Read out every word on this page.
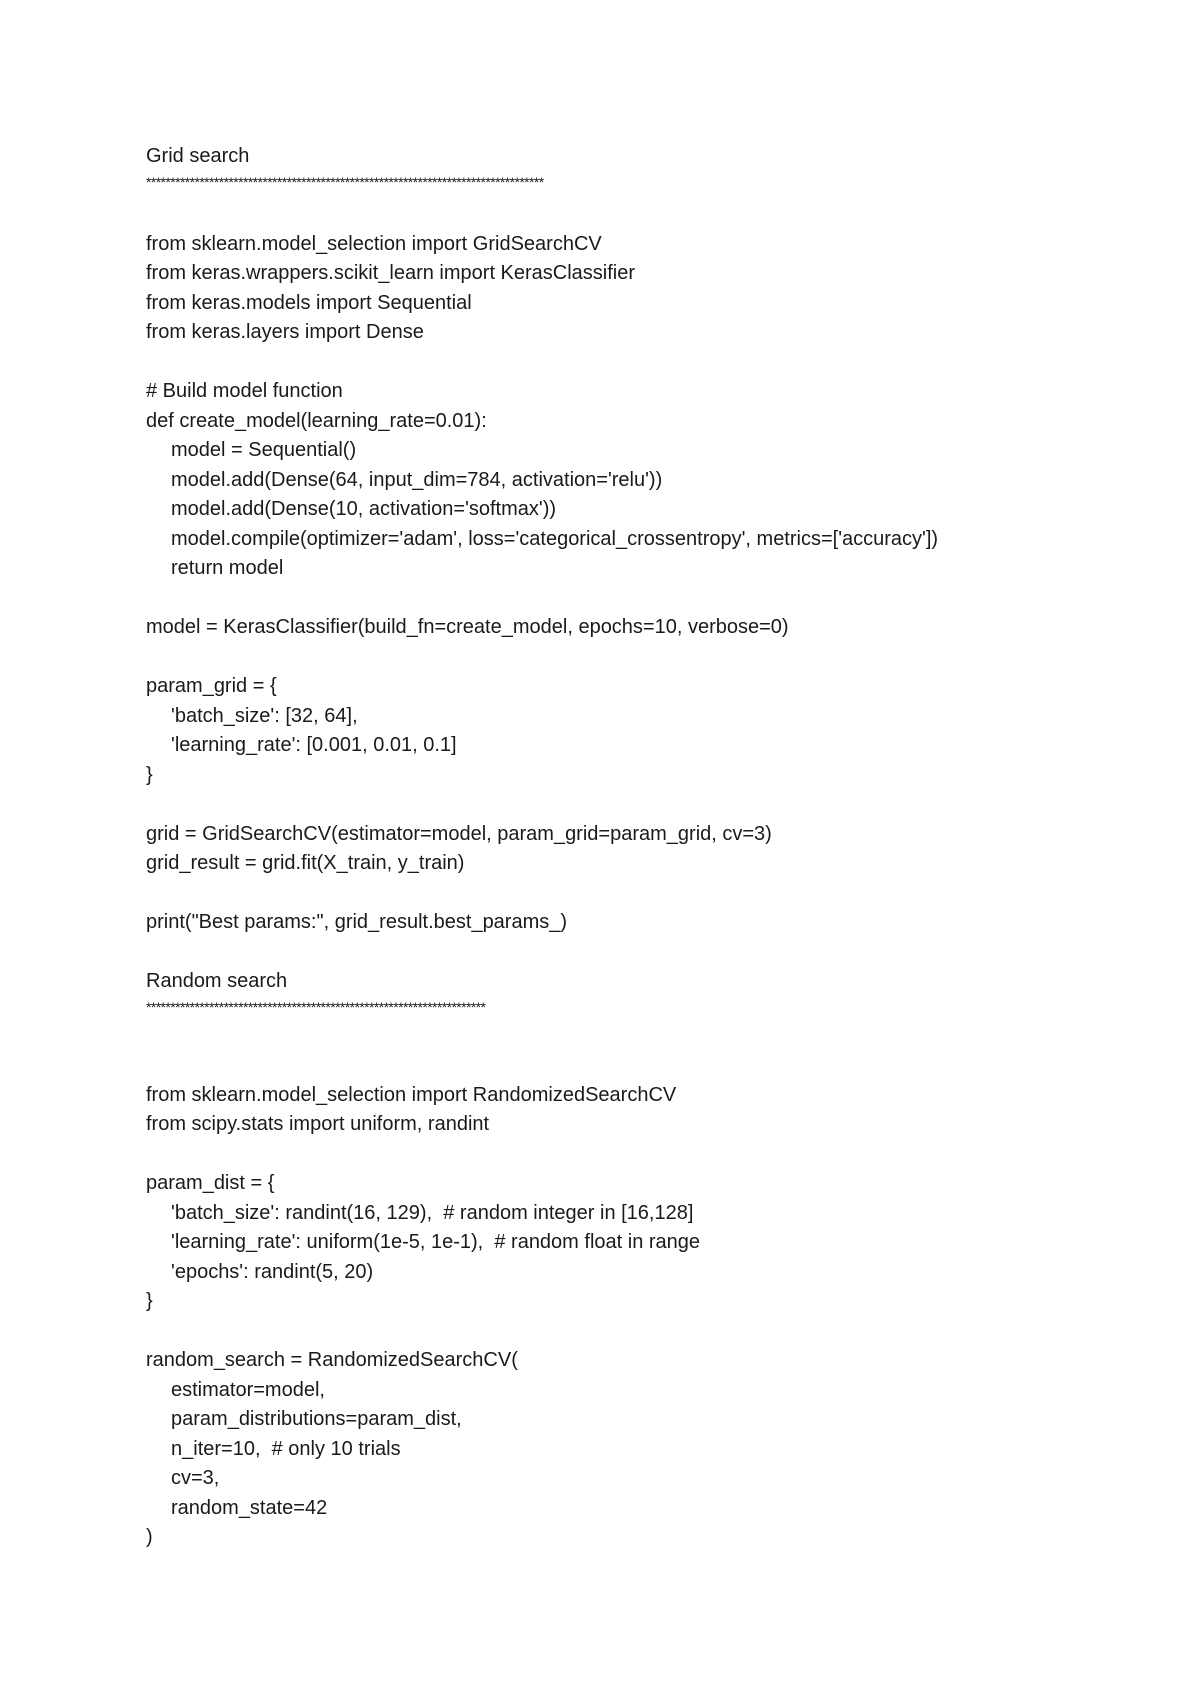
Grid search
**********************************************************************************
from sklearn.model_selection import GridSearchCV
from keras.wrappers.scikit_learn import KerasClassifier
from keras.models import Sequential
from keras.layers import Dense
# Build model function
def create_model(learning_rate=0.01):
model = Sequential()
model.add(Dense(64, input_dim=784, activation='relu'))
model.add(Dense(10, activation='softmax'))
model.compile(optimizer='adam', loss='categorical_crossentropy', metrics=['accuracy'])
return model
model = KerasClassifier(build_fn=create_model, epochs=10, verbose=0)
param_grid = {
'batch_size': [32, 64],
'learning_rate': [0.001, 0.01, 0.1]
}
grid = GridSearchCV(estimator=model, param_grid=param_grid, cv=3)
grid_result = grid.fit(X_train, y_train)
print("Best params:", grid_result.best_params_)
Random search
**********************************************************************
from sklearn.model_selection import RandomizedSearchCV
from scipy.stats import uniform, randint
param_dist = {
'batch_size': randint(16, 129),  # random integer in [16,128]
'learning_rate': uniform(1e-5, 1e-1),  # random float in range
'epochs': randint(5, 20)
}
random_search = RandomizedSearchCV(
estimator=model,
param_distributions=param_dist,
n_iter=10,  # only 10 trials
cv=3,
random_state=42
)
